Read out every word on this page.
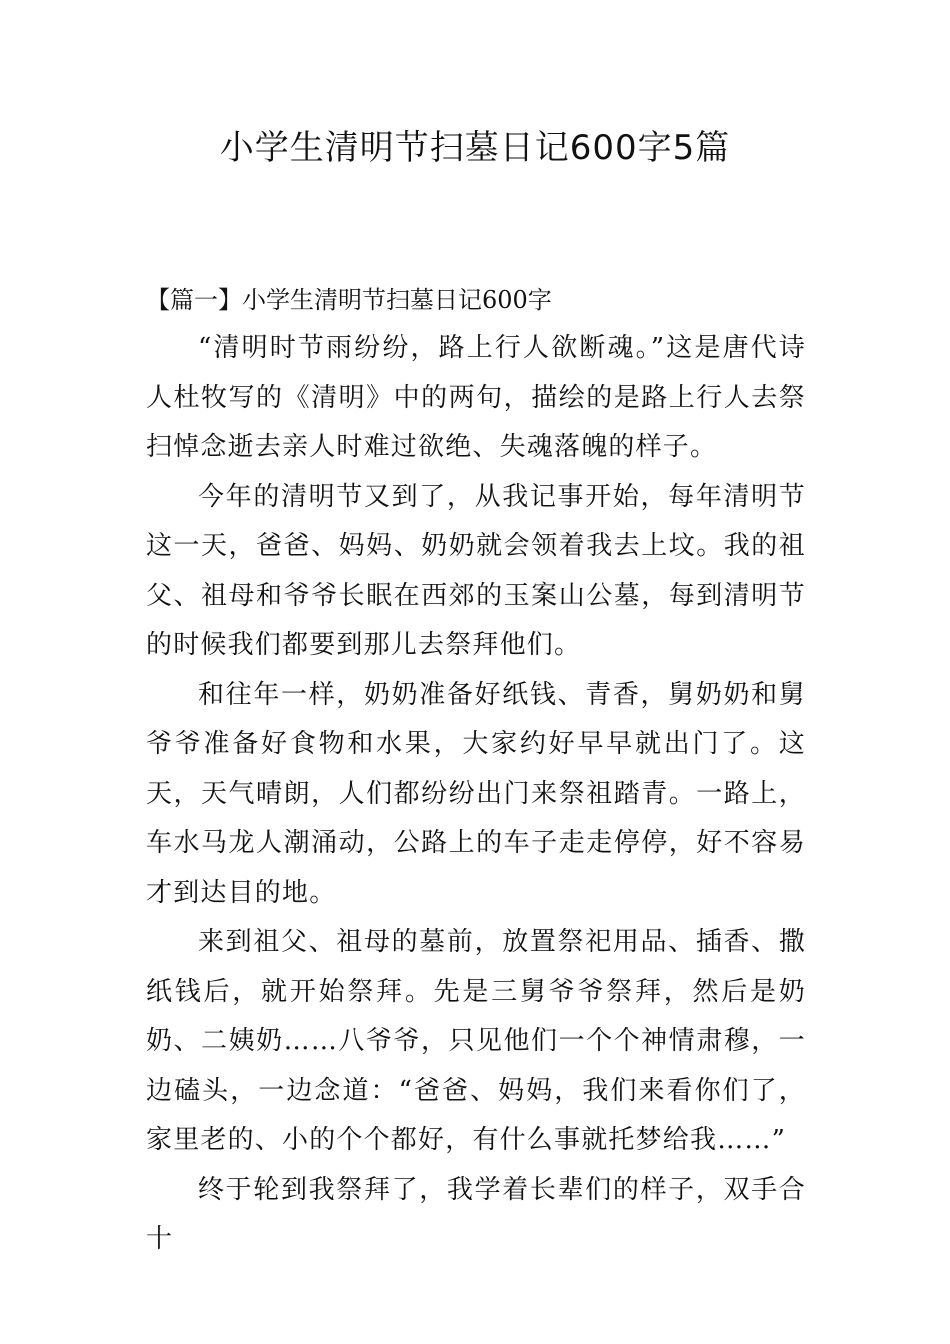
小学生清明节扫墓日记600字5篇

【篇一】小学生清明节扫墓日记600字

“清明时节雨纷纷，路上行人欲断魂。”这是唐代诗人杜牧写的《清明》中的两句，描绘的是路上行人去祭扫悼念逝去亲人时难过欲绝、失魂落魄的样子。

今年的清明节又到了，从我记事开始，每年清明节这一天，爸爸、妈妈、奶奶就会领着我去上坟。我的祖父、祖母和爷爷长眠在西郊的玉案山公墓，每到清明节的时候我们都要到那儿去祭拜他们。

和往年一样，奶奶准备好纸钱、青香，舅奶奶和舅爷爷准备好食物和水果，大家约好早早就出门了。这天，天气晴朗，人们都纷纷出门来祭祖踏青。一路上，车水马龙人潮涌动，公路上的车子走走停停，好不容易才到达目的地。

来到祖父、祖母的墓前，放置祭祀用品、插香、撒纸钱后，就开始祭拜。先是三舅爷爷祭拜，然后是奶奶、二姨奶……八爷爷，只见他们一个个神情肃穆，一边磕头，一边念道：“爸爸、妈妈，我们来看你们了，家里老的、小的个个都好，有什么事就托梦给我……”

终于轮到我祭拜了，我学着长辈们的样子，双手合十
